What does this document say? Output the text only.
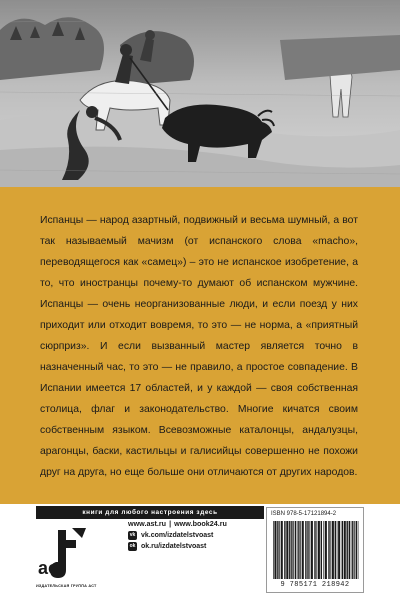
Испанцы — народ азартный, подвижный и весьма шумный, а вот так называемый мачизм (от испанского слова «macho», переводящегося как «самец») – это не испанское изобретение, а то, что иностранцы почему-то думают об испанском мужчине. Испанцы — очень неорганизованные люди, и если поезд у них приходит или отходит вовремя, то это — не норма, а «приятный сюрприз». И если вызванный мастер является точно в назначенный час, то это — не правило, а простое совпадение. В Испании имеется 17 областей, и у каждой — своя собственная столица, флаг и законодательство. Многие кичатся своим собственным языком. Всевозможные каталонцы, андалузцы, арагонцы, баски, кастильцы и галисийцы совершенно не похожи друг на друга, но еще больше они отличаются от других народов.

книги для любого настроения здесь
act
ИЗДАТЕЛЬСКАЯ ГРУППА АСТ
www.ast.ru | www.book24.ru
vk vk.com/izdatelstvoast
ok ok.ru/izdatelstvoast
ISBN 978-5-17121894-2
9 785171 218942
